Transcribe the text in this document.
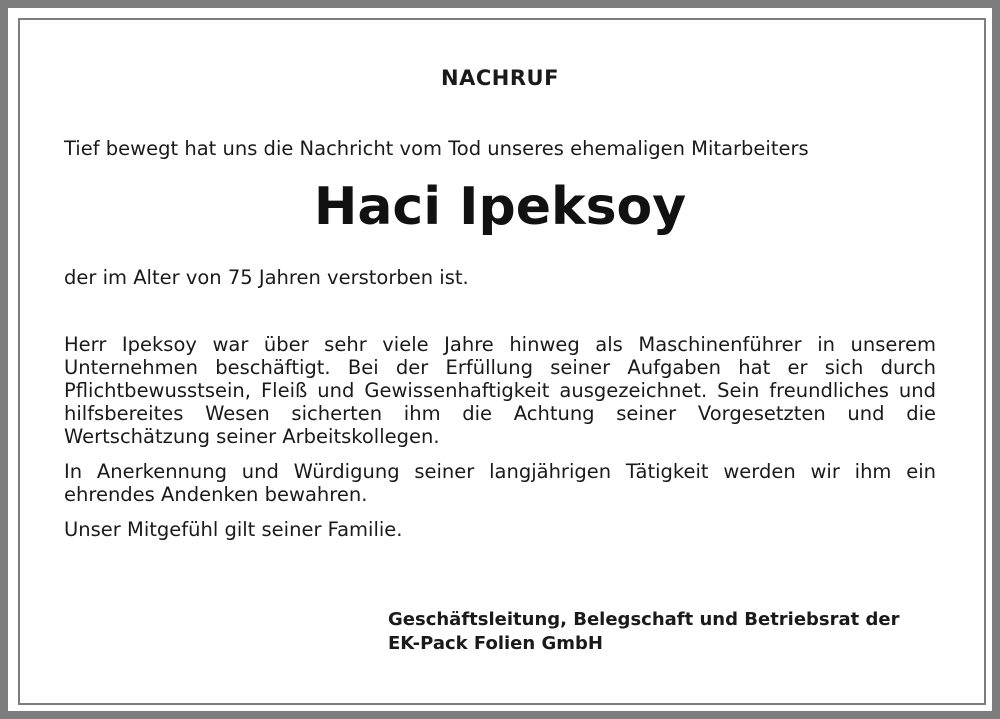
NACHRUF
Tief bewegt hat uns die Nachricht vom Tod unseres ehemaligen Mitarbeiters
Haci Ipeksoy
der im Alter von 75 Jahren verstorben ist.

Herr Ipeksoy war über sehr viele Jahre hinweg als Maschinenführer in unserem Unternehmen beschäftigt. Bei der Erfüllung seiner Aufgaben hat er sich durch Pflichtbewusstsein, Fleiß und Gewissenhaftigkeit ausgezeichnet. Sein freundliches und hilfsbereites Wesen sicherten ihm die Achtung seiner Vorgesetzten und die Wertschätzung seiner Arbeitskollegen.

In Anerkennung und Würdigung seiner langjährigen Tätigkeit werden wir ihm ein ehrendes Andenken bewahren.

Unser Mitgefühl gilt seiner Familie.

Geschäftsleitung, Belegschaft und Betriebsrat der
EK-Pack Folien GmbH
